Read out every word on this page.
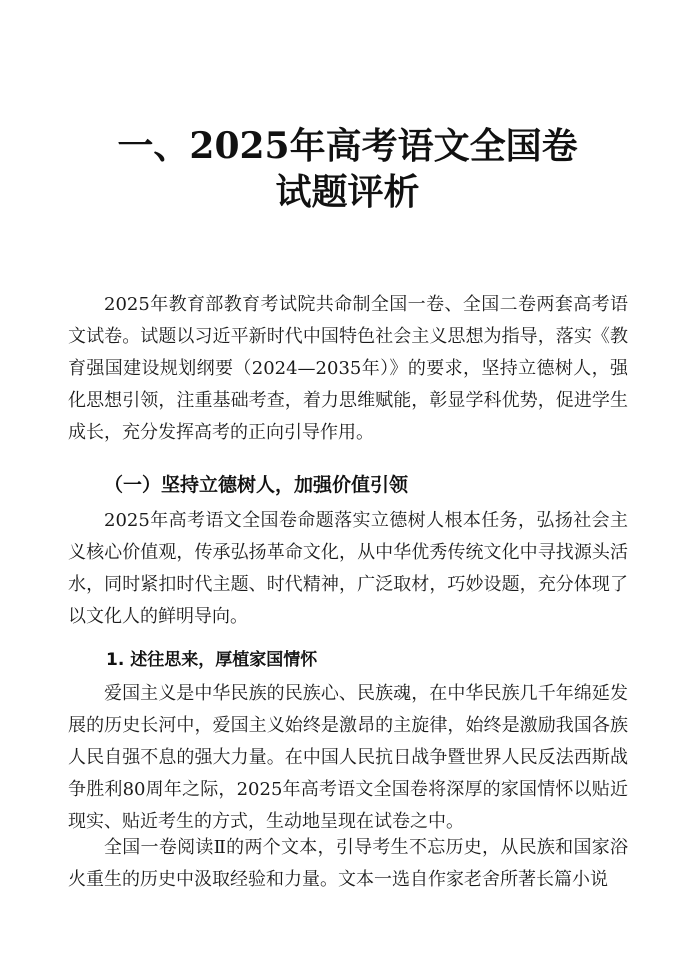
一、2025年高考语文全国卷
试题评析
2025年教育部教育考试院共命制全国一卷、全国二卷两套高考语文试卷。试题以习近平新时代中国特色社会主义思想为指导，落实《教育强国建设规划纲要（2024—2035年）》的要求，坚持立德树人，强化思想引领，注重基础考查，着力思维赋能，彰显学科优势，促进学生成长，充分发挥高考的正向引导作用。
（一）坚持立德树人，加强价值引领
2025年高考语文全国卷命题落实立德树人根本任务，弘扬社会主义核心价值观，传承弘扬革命文化，从中华优秀传统文化中寻找源头活水，同时紧扣时代主题、时代精神，广泛取材，巧妙设题，充分体现了以文化人的鲜明导向。
1. 述往思来，厚植家国情怀
爱国主义是中华民族的民族心、民族魂，在中华民族几千年绵延发展的历史长河中，爱国主义始终是激昂的主旋律，始终是激励我国各族人民自强不息的强大力量。在中国人民抗日战争暨世界人民反法西斯战争胜利80周年之际，2025年高考语文全国卷将深厚的家国情怀以贴近现实、贴近考生的方式，生动地呈现在试卷之中。
全国一卷阅读Ⅱ的两个文本，引导考生不忘历史，从民族和国家浴火重生的历史中汲取经验和力量。文本一选自作家老舍所著长篇小说
